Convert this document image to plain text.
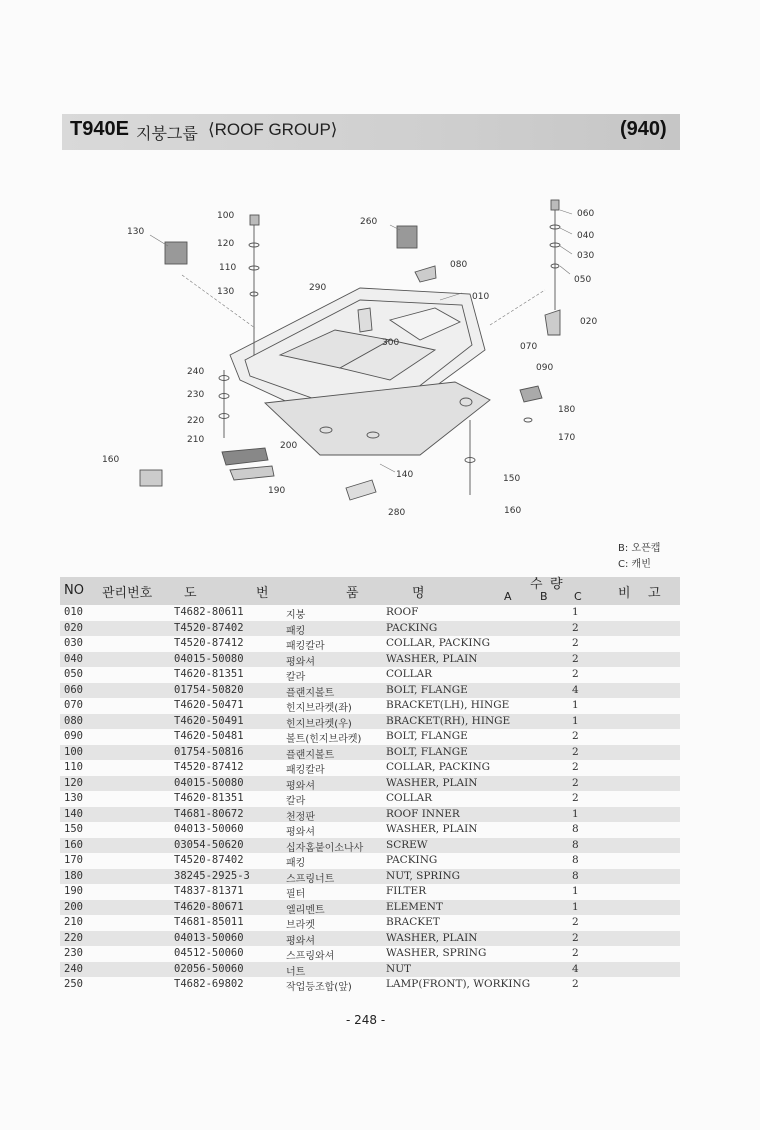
T940E 지붕그룹 ⟨ROOF GROUP⟩	(940)
100
130
120
110
130
260
080
290
010
300
060
040
030
050
020
070
090
240
230
220
210
200
180
170
160
140	150
190
280	160
B: 오픈캡
C: 캐빈
NO 관리번호 도	번	품	명
수 량
A	B C	비 고
010	T4682-80611	지붕	ROOF	1
020	T4520-87402	패킹	PACKING	2
030	T4520-87412	패킹칼라	COLLAR, PACKING	2
040	04015-50080	평와셔	WASHER, PLAIN	2
050	T4620-81351	칼라	COLLAR	2
060	01754-50820	플랜지볼트	BOLT, FLANGE	4
070	T4620-50471	힌지브라켓(좌)	BRACKET(LH), HINGE	1
080	T4620-50491	힌지브라켓(우)	BRACKET(RH), HINGE	1
090	T4620-50481	볼트(힌지브라켓) BOLT, FLANGE	2
100	01754-50816	플랜지볼트	BOLT, FLANGE	2
110	T4520-87412	패킹칼라	COLLAR, PACKING	2
120	04015-50080	평와셔	WASHER, PLAIN	2
130	T4620-81351	칼라	COLLAR	2
140	T4681-80672	천정판	ROOF INNER	1
150	04013-50060	평와셔	WASHER, PLAIN	8
160	03054-50620	십자홈붙이소나사 SCREW	8
170	T4520-87402	패킹	PACKING	8
180	38245-2925-3	스프링너트	NUT, SPRING	8
190	T4837-81371	필터	FILTER	1
200	T4620-80671	엘리멘트	ELEMENT	1
210	T4681-85011	브라켓	BRACKET	2
220	04013-50060	평와셔	WASHER, PLAIN	2
230	04512-50060	스프링와셔	WASHER, SPRING	2
240	02056-50060	너트	NUT	4
250	T4682-69802	작업등조합(앞)	LAMP(FRONT), WORKING	2
- 248 -
